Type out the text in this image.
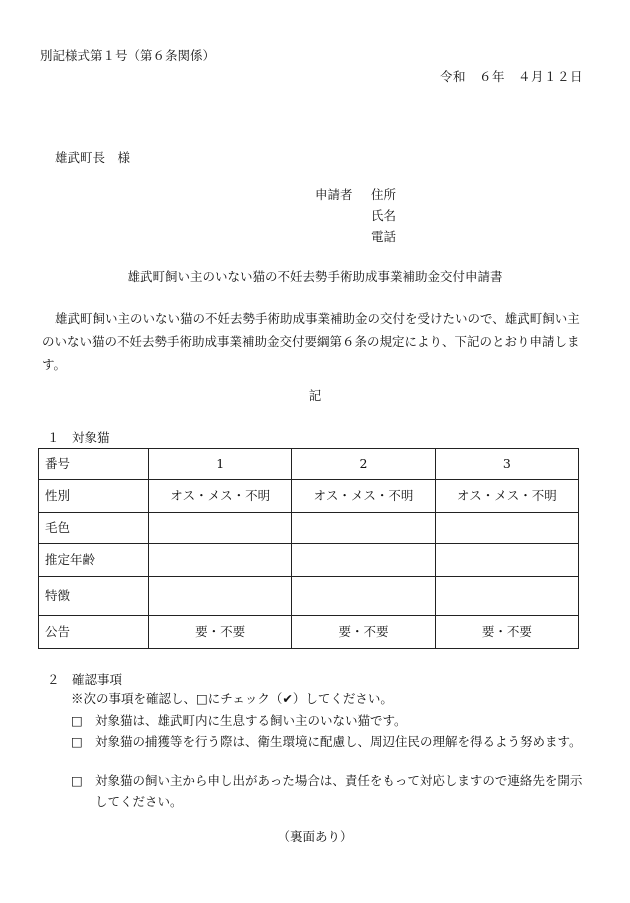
別記様式第１号（第６条関係）
令和　６年　４月１２日
雄武町長　様
申請者 住所
氏名
電話
雄武町飼い主のいない猫の不妊去勢手術助成事業補助金交付申請書
雄武町飼い主のいない猫の不妊去勢手術助成事業補助金の交付を受けたいので、雄武町飼い主のいない猫の不妊去勢手術助成事業補助金交付要綱第６条の規定により、下記のとおり申請します。
記
１　対象猫
番号	1	2	3
性別	オス・メス・不明	オス・メス・不明	オス・メス・不明
毛色			
推定年齢			
特徴			
公告	要・不要	要・不要	要・不要
２　確認事項
※次の事項を確認し、□にチェック（✔）してください。
□ 対象猫は、雄武町内に生息する飼い主のいない猫です。
□ 対象猫の捕獲等を行う際は、衛生環境に配慮し、周辺住民の理解を得るよう努めます。
□ 対象猫の飼い主から申し出があった場合は、責任をもって対応しますので連絡先を開示してください。
（裏面あり）
